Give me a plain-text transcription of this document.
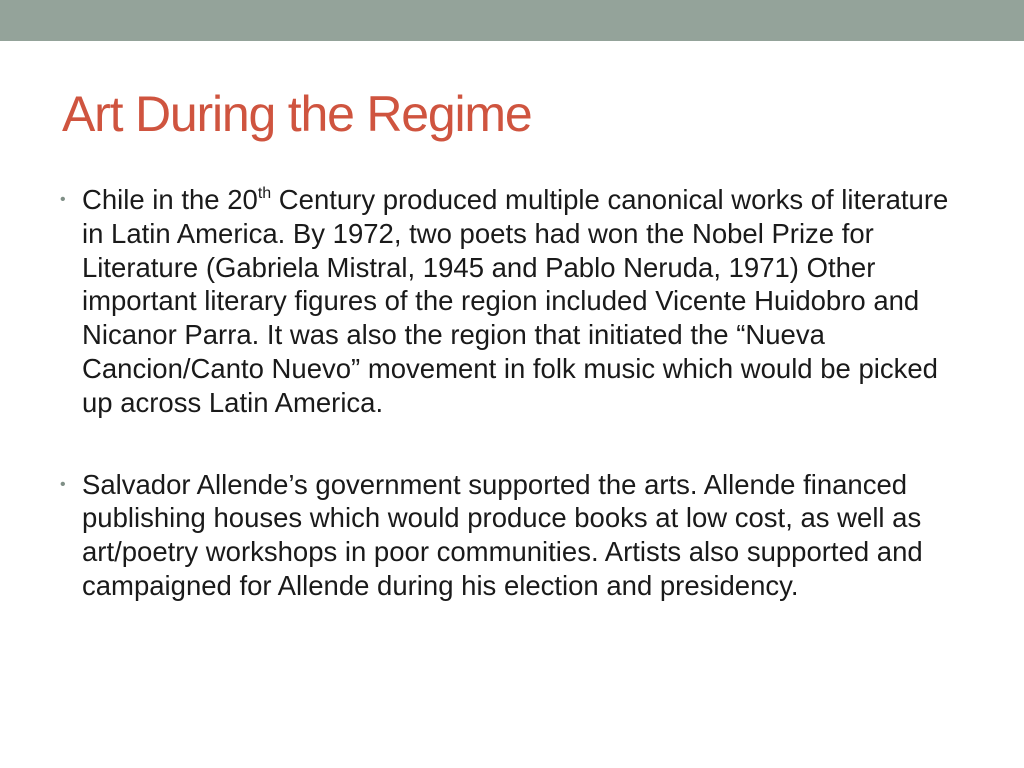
Art During the Regime
• Chile in the 20th Century produced multiple canonical works of literature in Latin America. By 1972, two poets had won the Nobel Prize for Literature (Gabriela Mistral, 1945 and Pablo Neruda, 1971) Other important literary figures of the region included Vicente Huidobro and Nicanor Parra. It was also the region that initiated the “Nueva Cancion/Canto Nuevo” movement in folk music which would be picked up across Latin America.
• Salvador Allende’s government supported the arts. Allende financed publishing houses which would produce books at low cost, as well as art/poetry workshops in poor communities. Artists also supported and campaigned for Allende during his election and presidency.
